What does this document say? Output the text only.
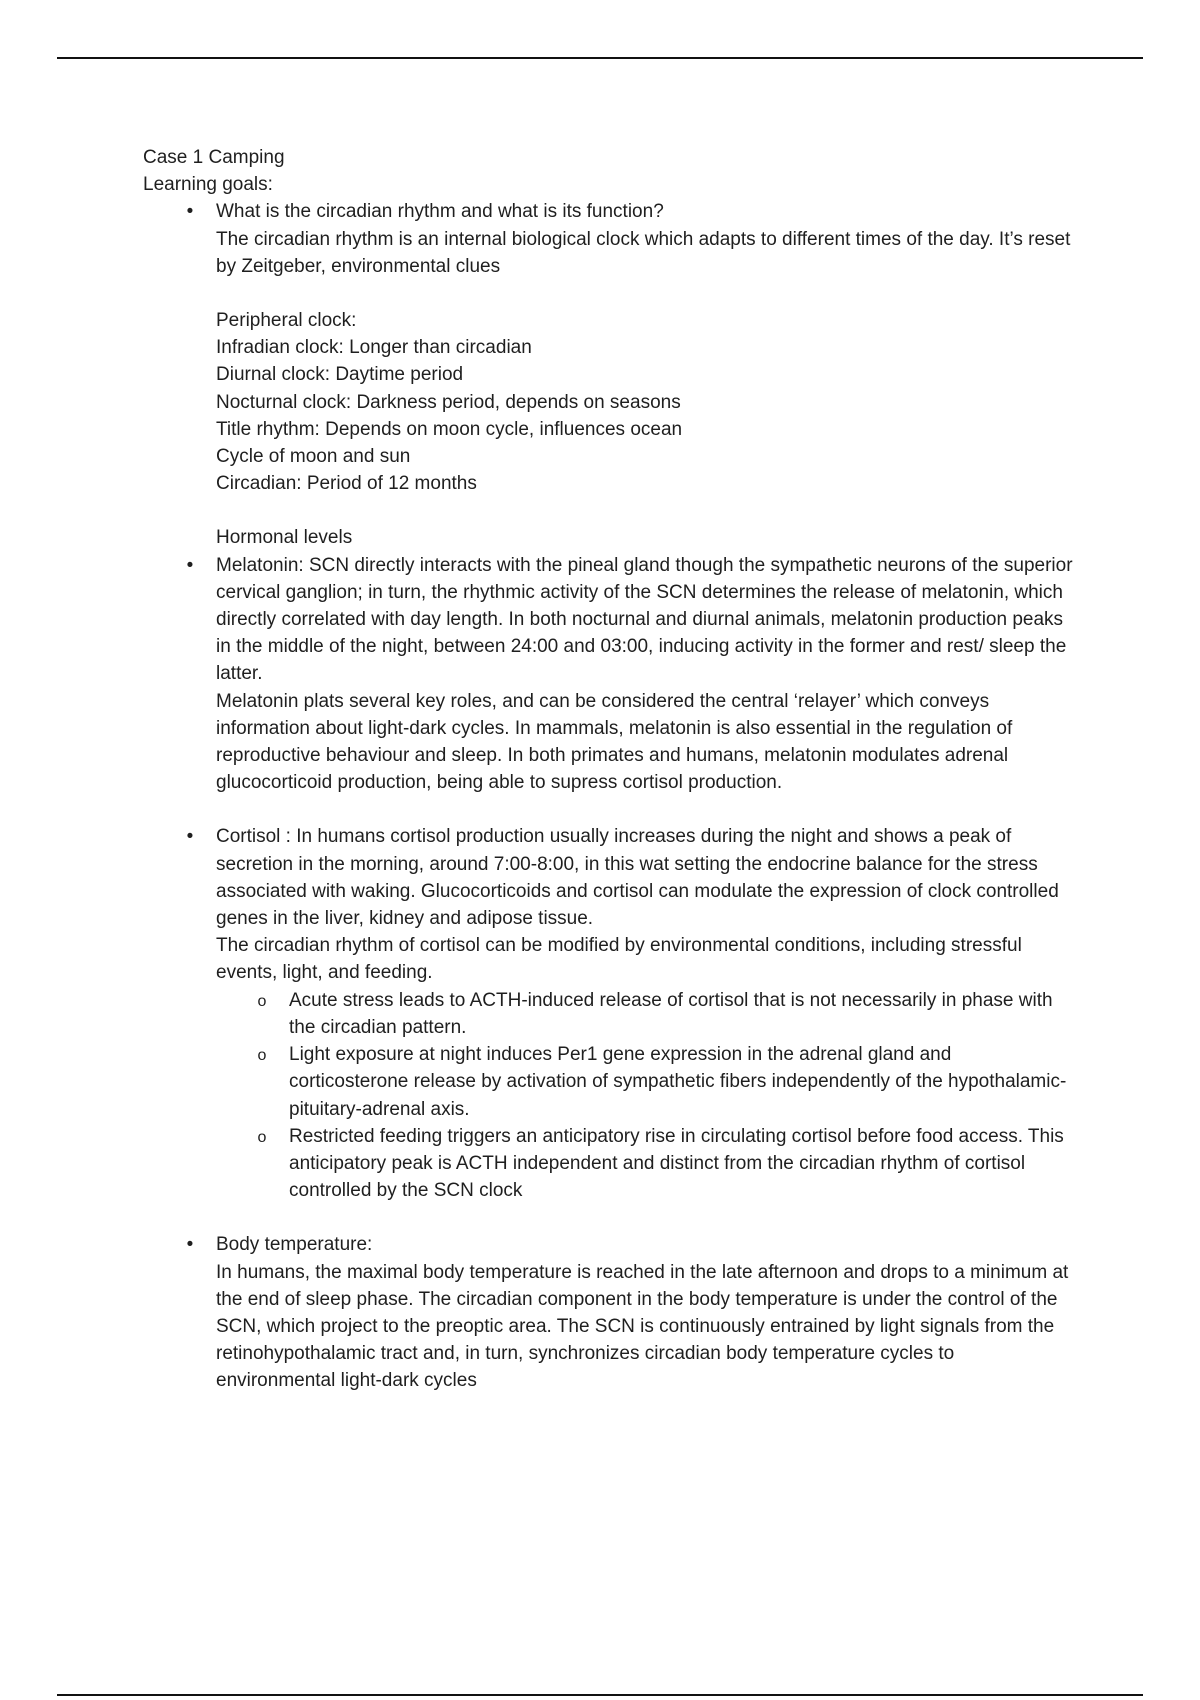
Case 1 Camping

Learning goals:

•	What is the circadian rhythm and what is its function?

The circadian rhythm is an internal biological clock which adapts to different times of the day. It’s reset by Zeitgeber, environmental clues

Peripheral clock:

Infradian clock: Longer than circadian

Diurnal clock: Daytime period

Nocturnal clock: Darkness period, depends on seasons

Title rhythm: Depends on moon cycle, influences ocean

Cycle of moon and sun

Circadian: Period of 12 months

Hormonal levels

•	Melatonin: SCN directly interacts with the pineal gland though the sympathetic neurons of the superior cervical ganglion; in turn, the rhythmic activity of the SCN determines the release of melatonin, which directly correlated with day length. In both nocturnal and diurnal animals, melatonin production peaks in the middle of the night, between 24:00 and 03:00, inducing activity in the former and rest/ sleep the latter.

Melatonin plats several key roles, and can be considered the central ‘relayer’ which conveys information about light-dark cycles. In mammals, melatonin is also essential in the regulation of reproductive behaviour and sleep. In both primates and humans, melatonin modulates adrenal glucocorticoid production, being able to supress cortisol production.

•	Cortisol : In humans cortisol production usually increases during the night and shows a peak of secretion in the morning, around 7:00-8:00, in this wat setting the endocrine balance for the stress associated with waking. Glucocorticoids and cortisol can modulate the expression of clock controlled genes in the liver, kidney and adipose tissue.

The circadian rhythm of cortisol can be modified by environmental conditions, including stressful events, light, and feeding.

o Acute stress leads to ACTH-induced release of cortisol that is not necessarily in phase with the circadian pattern.

o Light exposure at night induces Per1 gene expression in the adrenal gland and corticosterone release by activation of sympathetic fibers independently of the hypothalamic-pituitary-adrenal axis.

o Restricted feeding triggers an anticipatory rise in circulating cortisol before food access. This anticipatory peak is ACTH independent and distinct from the circadian rhythm of cortisol controlled by the SCN clock

•	Body temperature:

In humans, the maximal body temperature is reached in the late afternoon and drops to a minimum at the end of sleep phase. The circadian component in the body temperature is under the control of the SCN, which project to the preoptic area. The SCN is continuously entrained by light signals from the retinohypothalamic tract and, in turn, synchronizes circadian body temperature cycles to environmental light-dark cycles
